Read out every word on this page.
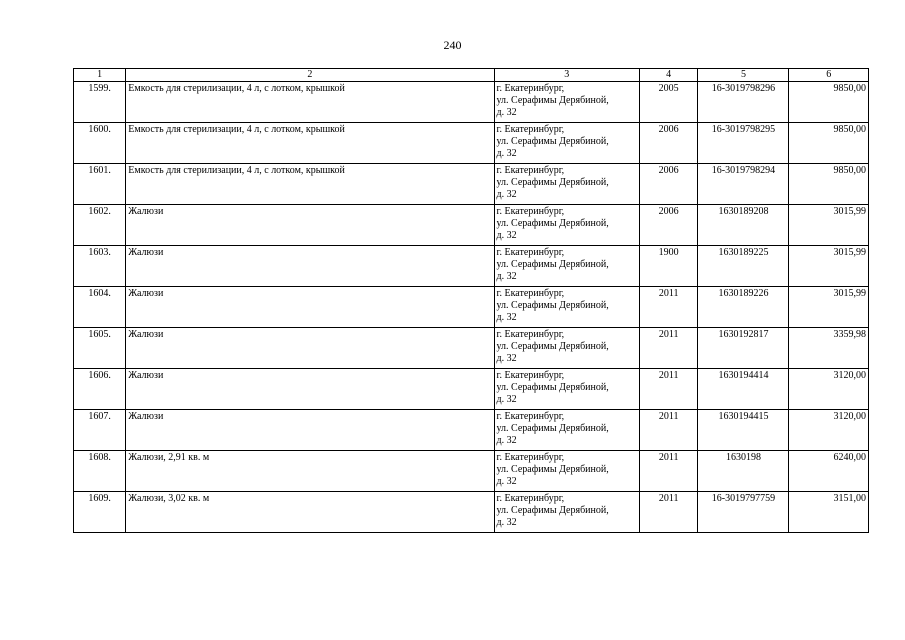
240
1	2	3	4	5	6
1599.	Емкость для стерилизации, 4 л, с лотком, крышкой	г. Екатеринбург,
ул. Серафимы Дерябиной,
д. 32	2005	16-3019798296	9850,00
1600.	Емкость для стерилизации, 4 л, с лотком, крышкой	г. Екатеринбург,
ул. Серафимы Дерябиной,
д. 32	2006	16-3019798295	9850,00
1601.	Емкость для стерилизации, 4 л, с лотком, крышкой	г. Екатеринбург,
ул. Серафимы Дерябиной,
д. 32	2006	16-3019798294	9850,00
1602.	Жалюзи	г. Екатеринбург,
ул. Серафимы Дерябиной,
д. 32	2006	1630189208	3015,99
1603.	Жалюзи	г. Екатеринбург,
ул. Серафимы Дерябиной,
д. 32	1900	1630189225	3015,99
1604.	Жалюзи	г. Екатеринбург,
ул. Серафимы Дерябиной,
д. 32	2011	1630189226	3015,99
1605.	Жалюзи	г. Екатеринбург,
ул. Серафимы Дерябиной,
д. 32	2011	1630192817	3359,98
1606.	Жалюзи	г. Екатеринбург,
ул. Серафимы Дерябиной,
д. 32	2011	1630194414	3120,00
1607.	Жалюзи	г. Екатеринбург,
ул. Серафимы Дерябиной,
д. 32	2011	1630194415	3120,00
1608.	Жалюзи, 2,91 кв. м	г. Екатеринбург,
ул. Серафимы Дерябиной,
д. 32	2011	1630198	6240,00
1609.	Жалюзи, 3,02 кв. м	г. Екатеринбург,
ул. Серафимы Дерябиной,
д. 32	2011	16-3019797759	3151,00
